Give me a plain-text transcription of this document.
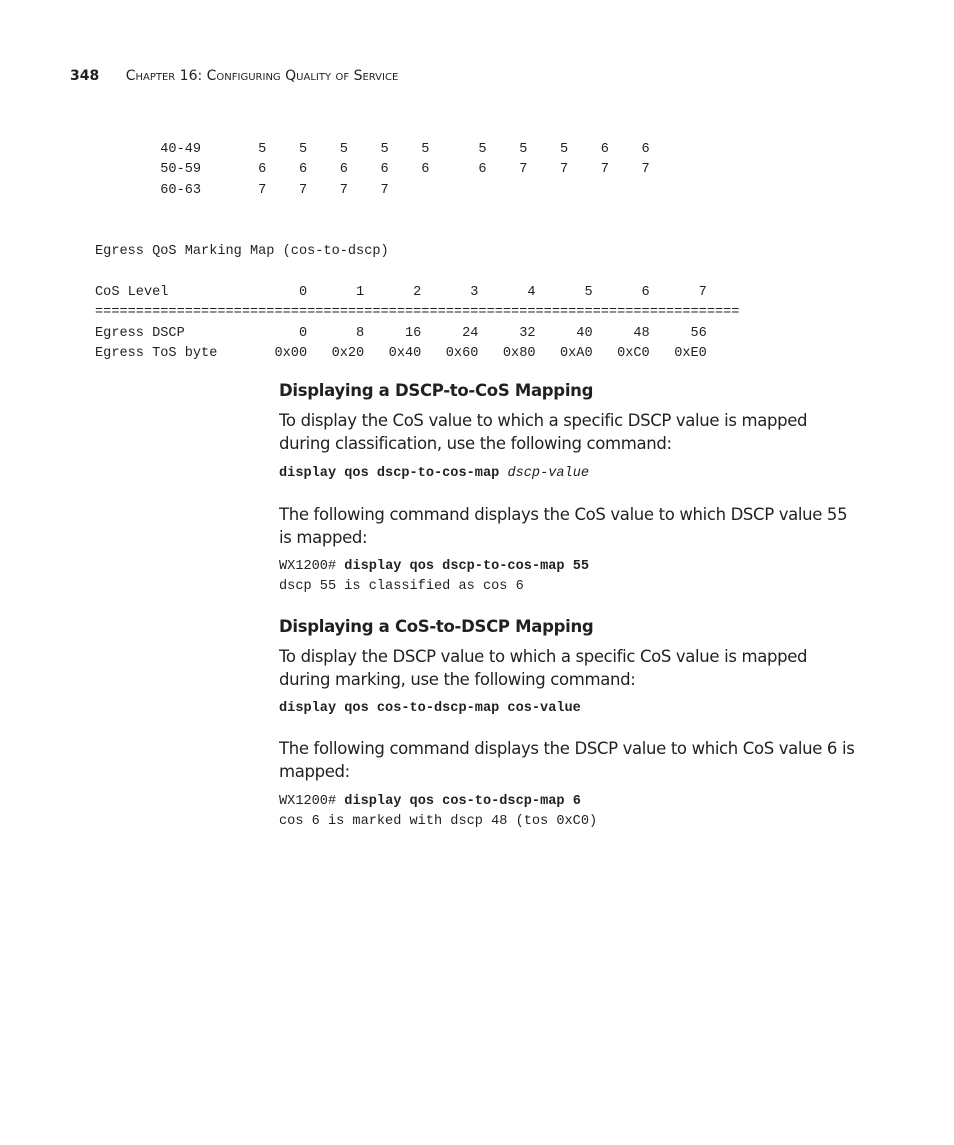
348 Chapter 16: Configuring Quality of Service
40-49       5    5    5    5    5      5    5    5    6    6
50-59       6    6    6    6    6      6    7    7    7    7
60-63       7    7    7    7
Egress QoS Marking Map (cos-to-dscp)

CoS Level                0      1      2      3      4      5      6      7
===============================================================================
Egress DSCP              0      8     16     24     32     40     48     56
Egress ToS byte       0x00   0x20   0x40   0x60   0x80   0xA0   0xC0   0xE0
Displaying a DSCP-to-CoS Mapping

To display the CoS value to which a specific DSCP value is mapped during classification, use the following command:

display qos dscp-to-cos-map dscp-value

The following command displays the CoS value to which DSCP value 55 is mapped:

WX1200# display qos dscp-to-cos-map 55
dscp 55 is classified as cos 6
Displaying a CoS-to-DSCP Mapping

To display the DSCP value to which a specific CoS value is mapped during marking, use the following command:

display qos cos-to-dscp-map cos-value

The following command displays the DSCP value to which CoS value 6 is mapped:

WX1200# display qos cos-to-dscp-map 6
cos 6 is marked with dscp 48 (tos 0xC0)
